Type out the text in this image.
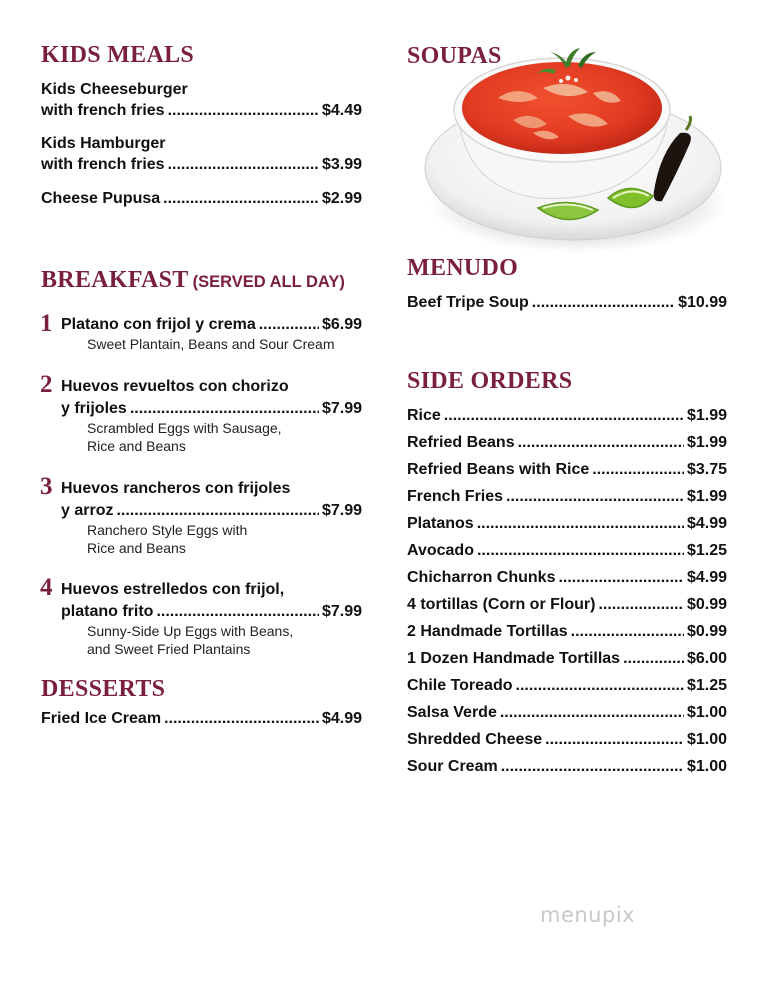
KIDS MEALS
Kids Cheeseburger
with french fries .....	$4.49
Kids Hamburger
with french fries .....	$3.99
Cheese Pupusa .....	$2.99
BREAKFAST (SERVED ALL DAY)
1 Platano con frijol y crema .....	$6.99
Sweet Plantain, Beans and Sour Cream
2 Huevos revueltos con chorizo
y frijoles .....	$7.99
Scrambled Eggs with Sausage,
Rice and Beans
3 Huevos rancheros con frijoles
y arroz .....	$7.99
Ranchero Style Eggs with
Rice and Beans
4 Huevos estrelledos con frijol,
platano frito .....	$7.99
Sunny-Side Up Eggs with Beans,
and Sweet Fried Plantains
DESSERTS
Fried Ice Cream .....	$4.99
SOUPAS
MENUDO
Beef Tripe Soup .....	$10.99
SIDE ORDERS
Rice .....	$1.99
Refried Beans .....	$1.99
Refried Beans with Rice .....	$3.75
French Fries .....	$1.99
Platanos .....	$4.99
Avocado .....	$1.25
Chicharron Chunks .....	$4.99
4 tortillas (Corn or Flour) .....	$0.99
2 Handmade Tortillas .....	$0.99
1 Dozen Handmade Tortillas .....	$6.00
Chile Toreado .....	$1.25
Salsa Verde .....	$1.00
Shredded Cheese .....	$1.00
Sour Cream .....	$1.00
menupix
